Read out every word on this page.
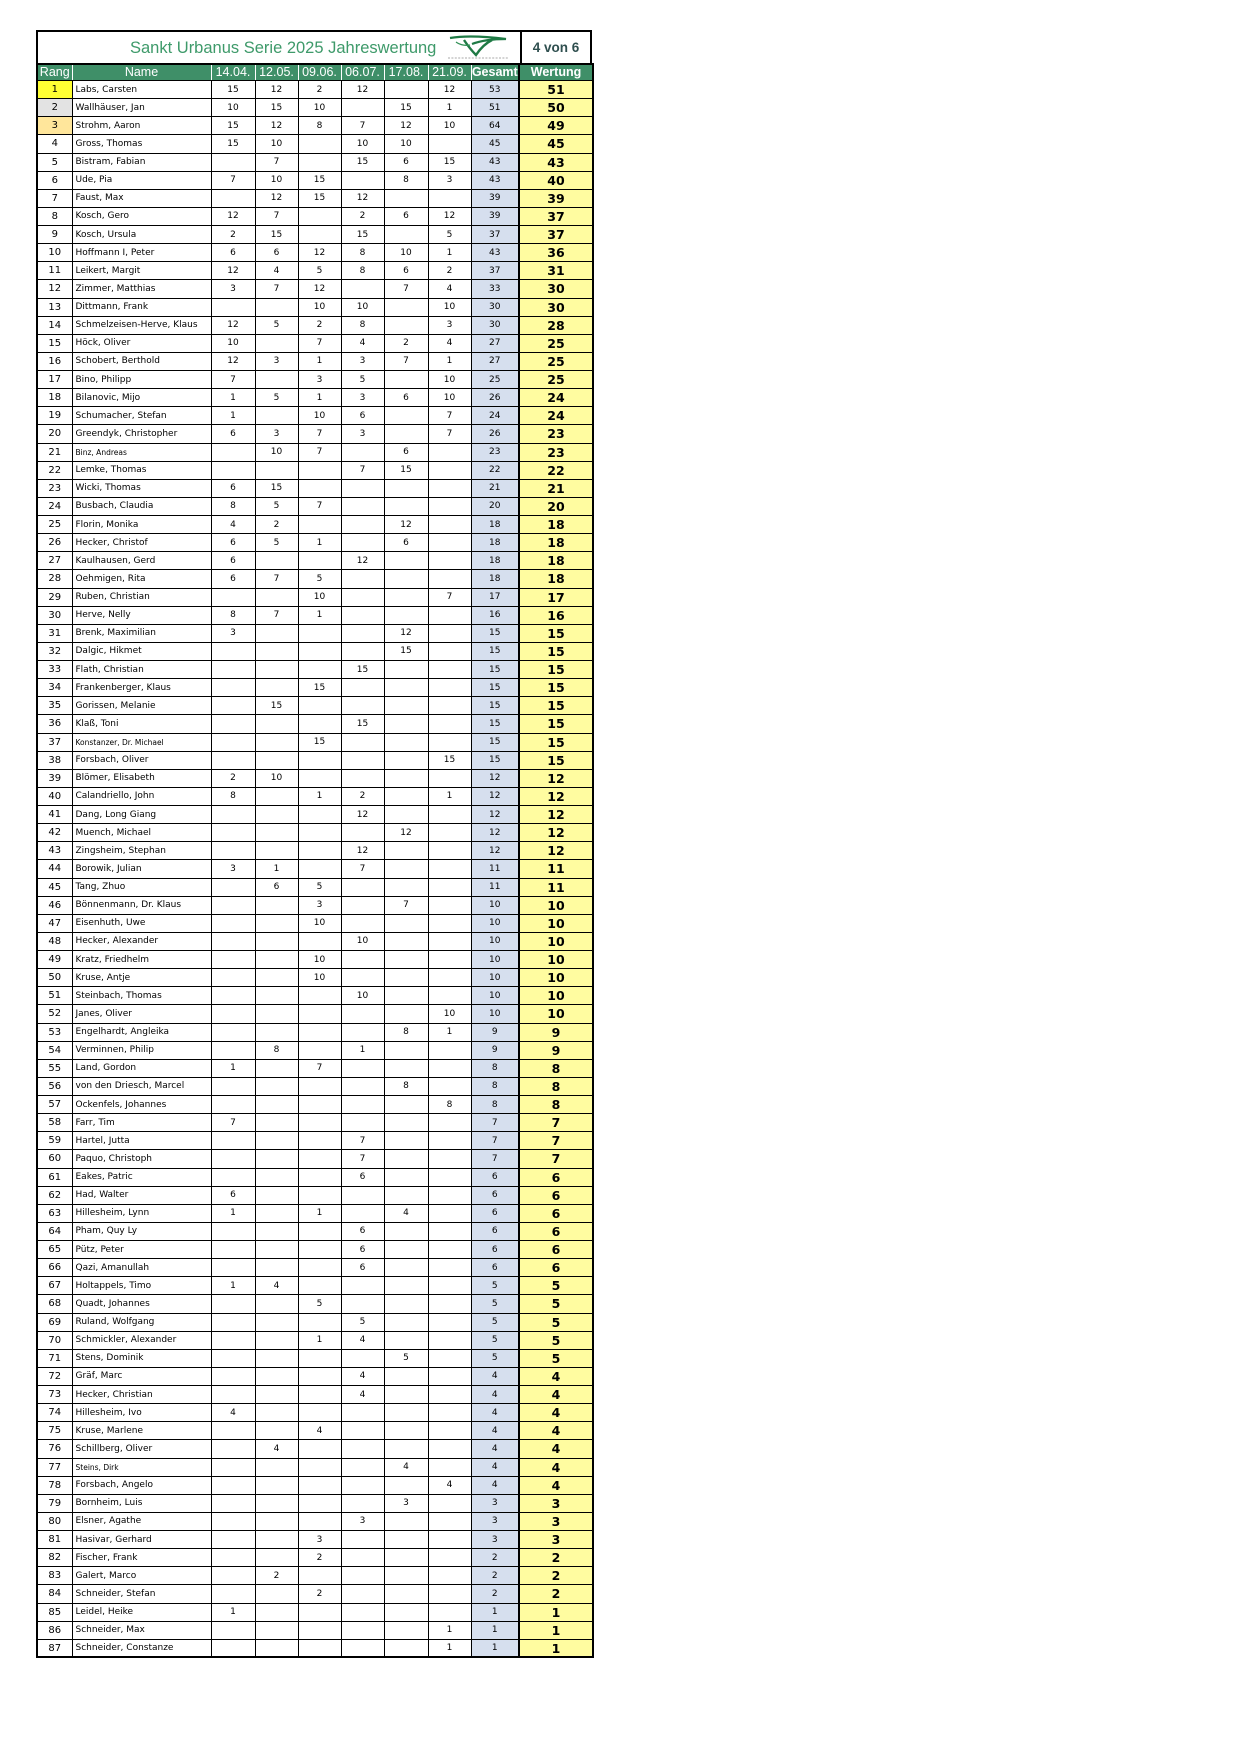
Sankt Urbanus Serie 2025 Jahreswertung	4 von 6
Rang	Name	14.04.	12.05.	09.06.	06.07.	17.08.	21.09.	Gesamt	Wertung
1	Labs, Carsten	15	12	2	12		12	53	51
2	Wallhäuser, Jan	10	15	10		15	1	51	50
3	Strohm, Aaron	15	12	8	7	12	10	64	49
4	Gross, Thomas	15	10		10	10		45	45
5	Bistram, Fabian		7		15	6	15	43	43
6	Ude, Pia	7	10	15		8	3	43	40
7	Faust, Max		12	15	12			39	39
8	Kosch, Gero	12	7		2	6	12	39	37
9	Kosch, Ursula	2	15		15		5	37	37
10	Hoffmann I, Peter	6	6	12	8	10	1	43	36
11	Leikert, Margit	12	4	5	8	6	2	37	31
12	Zimmer, Matthias	3	7	12		7	4	33	30
13	Dittmann, Frank			10	10		10	30	30
14	Schmelzeisen-Herve, Klaus	12	5	2	8		3	30	28
15	Höck, Oliver	10		7	4	2	4	27	25
16	Schobert, Berthold	12	3	1	3	7	1	27	25
17	Bino, Philipp	7		3	5		10	25	25
18	Bilanovic, Mijo	1	5	1	3	6	10	26	24
19	Schumacher, Stefan	1		10	6		7	24	24
20	Greendyk, Christopher	6	3	7	3		7	26	23
21	Binz, Andreas		10	7		6		23	23
22	Lemke, Thomas				7	15		22	22
23	Wicki, Thomas	6	15					21	21
24	Busbach, Claudia	8	5	7				20	20
25	Florin, Monika	4	2			12		18	18
26	Hecker, Christof	6	5	1		6		18	18
27	Kaulhausen, Gerd	6			12			18	18
28	Oehmigen, Rita	6	7	5				18	18
29	Ruben, Christian			10			7	17	17
30	Herve, Nelly	8	7	1				16	16
31	Brenk, Maximilian	3				12		15	15
32	Dalgic, Hikmet					15		15	15
33	Flath, Christian				15			15	15
34	Frankenberger, Klaus			15				15	15
35	Gorissen, Melanie		15					15	15
36	Klaß, Toni				15			15	15
37	Konstanzer, Dr. Michael			15				15	15
38	Forsbach, Oliver						15	15	15
39	Blömer, Elisabeth	2	10					12	12
40	Calandriello, John	8		1	2		1	12	12
41	Dang, Long Giang				12			12	12
42	Muench, Michael					12		12	12
43	Zingsheim, Stephan				12			12	12
44	Borowik, Julian	3	1		7			11	11
45	Tang, Zhuo		6	5				11	11
46	Bönnenmann, Dr. Klaus			3		7		10	10
47	Eisenhuth, Uwe			10				10	10
48	Hecker, Alexander				10			10	10
49	Kratz, Friedhelm			10				10	10
50	Kruse, Antje			10				10	10
51	Steinbach, Thomas				10			10	10
52	Janes, Oliver						10	10	10
53	Engelhardt, Angleika					8	1	9	9
54	Verminnen, Philip		8		1			9	9
55	Land, Gordon	1		7				8	8
56	von den Driesch, Marcel					8		8	8
57	Ockenfels, Johannes						8	8	8
58	Farr, Tim	7						7	7
59	Hartel, Jutta				7			7	7
60	Paquo, Christoph				7			7	7
61	Eakes, Patric				6			6	6
62	Had, Walter	6						6	6
63	Hillesheim, Lynn	1		1		4		6	6
64	Pham, Quy Ly				6			6	6
65	Pütz, Peter				6			6	6
66	Qazi, Amanullah				6			6	6
67	Holtappels, Timo	1	4					5	5
68	Quadt, Johannes			5				5	5
69	Ruland, Wolfgang				5			5	5
70	Schmickler, Alexander			1	4			5	5
71	Stens, Dominik					5		5	5
72	Gräf, Marc				4			4	4
73	Hecker, Christian				4			4	4
74	Hillesheim, Ivo	4						4	4
75	Kruse, Marlene			4				4	4
76	Schillberg, Oliver		4					4	4
77	Steins, Dirk					4		4	4
78	Forsbach, Angelo						4	4	4
79	Bornheim, Luis					3		3	3
80	Elsner, Agathe				3			3	3
81	Hasivar, Gerhard			3				3	3
82	Fischer, Frank			2				2	2
83	Galert, Marco		2					2	2
84	Schneider, Stefan			2				2	2
85	Leidel, Heike	1						1	1
86	Schneider, Max						1	1	1
87	Schneider, Constanze						1	1	1
